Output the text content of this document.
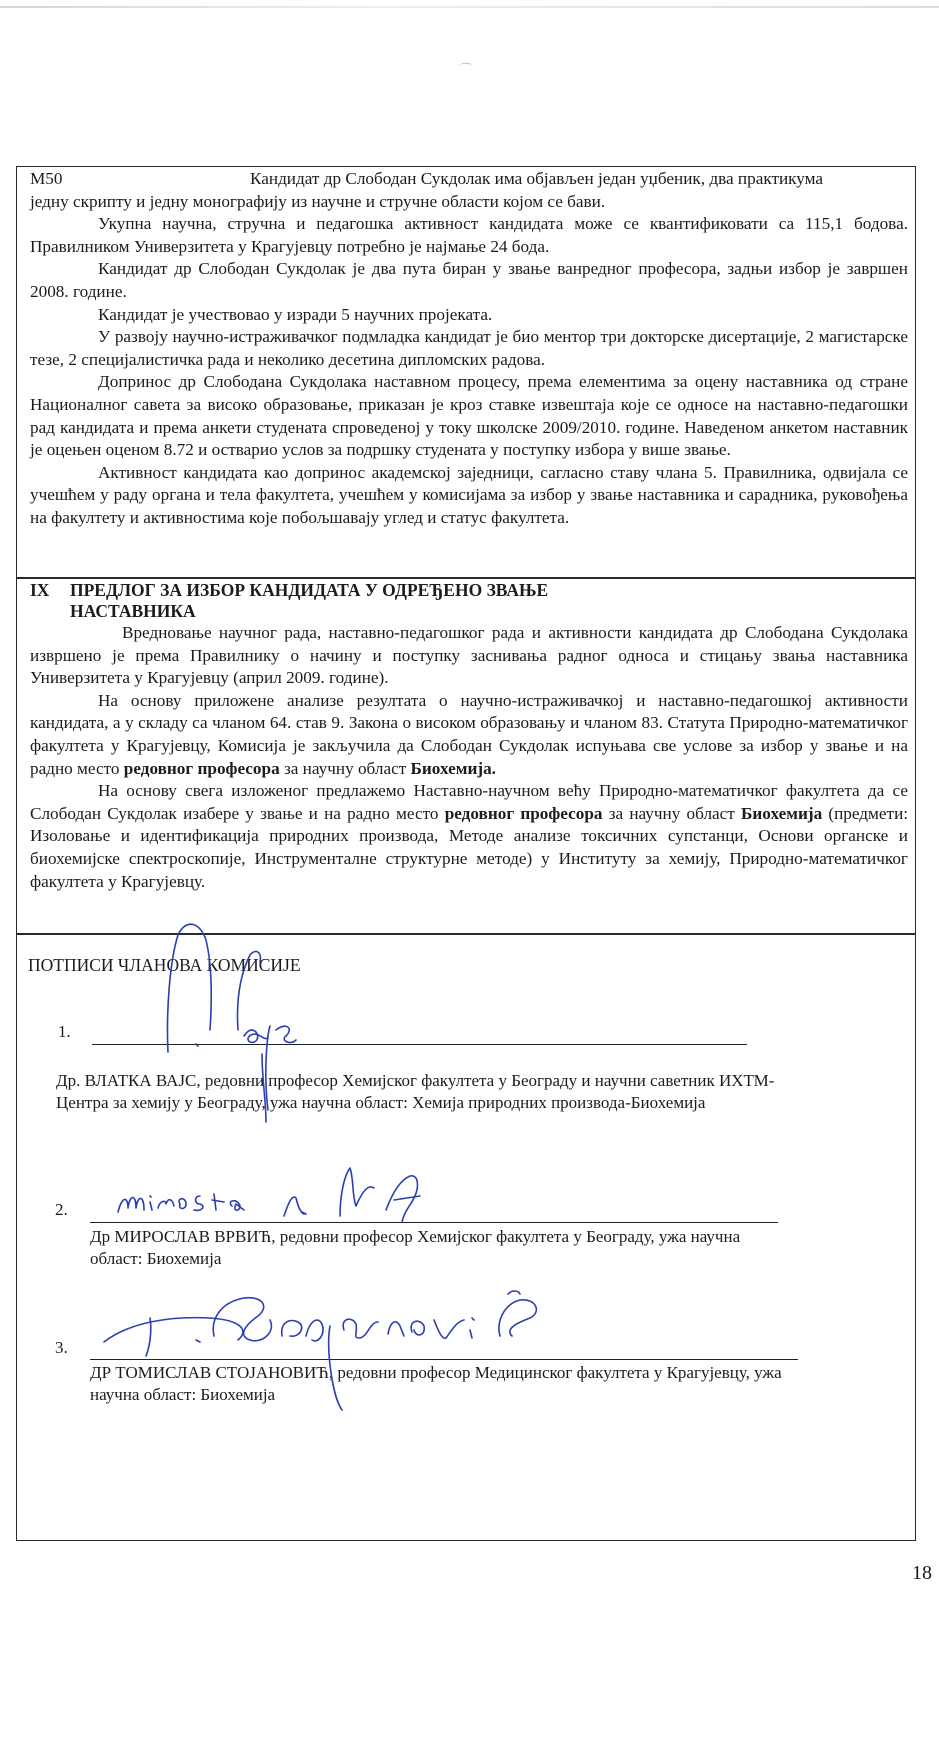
⌒
M50	Кандидат др Слободан Сукдолак има објављен један уџбеник, два практикума

једну скрипту и једну монографију из научне и стручне области којом се бави.

Укупна научна, стручна и педагошка активност кандидата може се квантификовати са 115,1 бодова. Правилником Универзитета у Крагујевцу потребно је најмање 24 бода.

Кандидат др Слободан Сукдолак је два пута биран у звање ванредног професора, задњи избор је завршен 2008. године.

Кандидат је учествовао у изради 5 научних пројеката.

У развоју научно-истраживачког подмладка кандидат је био ментор три докторске дисертације, 2 магистарске тезе, 2 специјалистичка рада и неколико десетина дипломских радова.

Допринос др Слободана Сукдолака наставном процесу, према елементима за оцену наставника од стране Националног савета за високо образовање, приказан је кроз ставке извештаја које се односе на наставно-педагошки рад кандидата и према анкети студената спроведеној у току школске 2009/2010. године. Наведеном анкетом наставник је оцењен оценом 8.72 и остварио услов за подршку студената у поступку избора у више звање.

Активност кандидата као допринос академској заједници, сагласно ставу члана 5. Правилника, одвијала се учешћем у раду органа и тела факултета, учешћем у комисијама за избор у звање наставника и сарадника, руковођења на факултету и активностима које побољшавају углед и статус факултета.

IX ПРЕДЛОГ ЗА ИЗБОР КАНДИДАТА У ОДРЕЂЕНО ЗВАЊЕ

НАСТАВНИКА

Вредновање научног рада, наставно-педагошког рада и активности кандидата др Слободана Сукдолака извршено је према Правилнику о начину и поступку заснивања радног односа и стицању звања наставника Универзитета у Крагујевцу (април 2009. године).

На основу приложене анализе резултата о научно-истраживачкој и наставно-педагошкој активности кандидата, а у складу са чланом 64. став 9. Закона о високом образовању и чланом 83. Статута Природно-математичког факултета у Крагујевцу, Комисија је закључила да Слободан Сукдолак испуњава све услове за избор у звање и на радно место редовног професора за научну област Биохемија.

На основу свега изложеног предлажемо Наставно-научном већу Природно-математичког факултета да се Слободан Сукдолак изабере у звање и на радно место редовног професора за научну област Биохемија (предмети: Изоловање и идентификација природних производа, Методе анализе токсичних супстанци, Основи органске и биохемијске спектроскопије, Инструменталне структурне методе) у Институту за хемију, Природно-математичког факултета у Крагујевцу.

ПОТПИСИ ЧЛАНОВА КОМИСИЈЕ
1.
Др. ВЛАТКА ВАЈС, редовни професор Хемијског факултета у Београду и научни саветник ИХТМ-
Центра за хемију у Београду, ужа научна област: Хемија природних производа-Биохемија
2.
Др МИРОСЛАВ ВРВИЋ, редовни професор Хемијског факултета у Београду, ужа научна
област: Биохемија
3.
ДР ТОМИСЛАВ СТОЈАНОВИЋ, редовни професор Медицинског факултета у Крагујевцу, ужа
научна област: Биохемија
18
